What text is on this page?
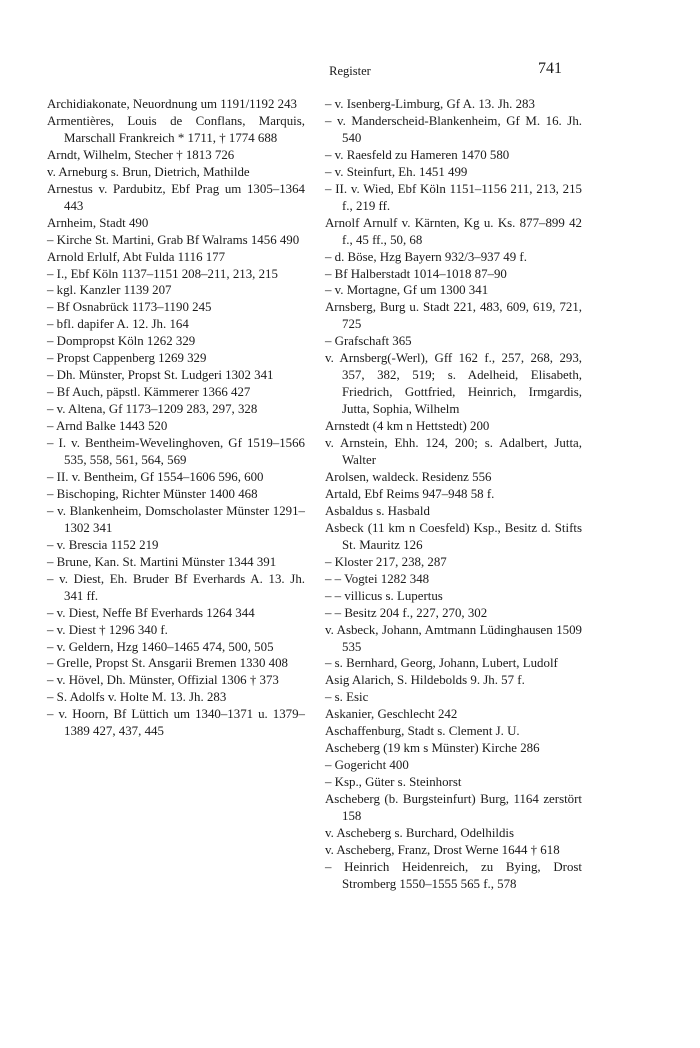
Register	741

Archidiakonate, Neuordnung um 1191/1192 243

Armentières, Louis de Conflans, Marquis, Marschall Frankreich * 1711, † 1774 688

Arndt, Wilhelm, Stecher † 1813 726

v. Arneburg s. Brun, Dietrich, Mathilde

Arnestus v. Pardubitz, Ebf Prag um 1305–1364 443

Arnheim, Stadt 490

– Kirche St. Martini, Grab Bf Walrams 1456 490

Arnold Erlulf, Abt Fulda 1116 177

– I., Ebf Köln 1137–1151 208–211, 213, 215

– kgl. Kanzler 1139 207

– Bf Osnabrück 1173–1190 245

– bfl. dapifer A. 12. Jh. 164

– Dompropst Köln 1262 329

– Propst Cappenberg 1269 329

– Dh. Münster, Propst St. Ludgeri 1302 341

– Bf Auch, päpstl. Kämmerer 1366 427

– v. Altena, Gf 1173–1209 283, 297, 328

– Arnd Balke 1443 520

– I. v. Bentheim-Wevelinghoven, Gf 1519–1566 535, 558, 561, 564, 569

– II. v. Bentheim, Gf 1554–1606 596, 600

– Bischoping, Richter Münster 1400 468

– v. Blankenheim, Domscholaster Münster 1291–1302 341

– v. Brescia 1152 219

– Brune, Kan. St. Martini Münster 1344 391

– v. Diest, Eh. Bruder Bf Everhards A. 13. Jh. 341 ff.

– v. Diest, Neffe Bf Everhards 1264 344

– v. Diest † 1296 340 f.

– v. Geldern, Hzg 1460–1465 474, 500, 505

– Grelle, Propst St. Ansgarii Bremen 1330 408

– v. Hövel, Dh. Münster, Offizial 1306 † 373

– S. Adolfs v. Holte M. 13. Jh. 283

– v. Hoorn, Bf Lüttich um 1340–1371 u. 1379–1389 427, 437, 445

– v. Isenberg-Limburg, Gf A. 13. Jh. 283

– v. Manderscheid-Blankenheim, Gf M. 16. Jh. 540

– v. Raesfeld zu Hameren 1470 580

– v. Steinfurt, Eh. 1451 499

– II. v. Wied, Ebf Köln 1151–1156 211, 213, 215 f., 219 ff.

Arnolf Arnulf v. Kärnten, Kg u. Ks. 877–899 42 f., 45 ff., 50, 68

– d. Böse, Hzg Bayern 932/3–937 49 f.

– Bf Halberstadt 1014–1018 87–90

– v. Mortagne, Gf um 1300 341

Arnsberg, Burg u. Stadt 221, 483, 609, 619, 721, 725

– Grafschaft 365

v. Arnsberg(-Werl), Gff 162 f., 257, 268, 293, 357, 382, 519; s. Adelheid, Elisabeth, Friedrich, Gottfried, Heinrich, Irmgardis, Jutta, Sophia, Wilhelm

Arnstedt (4 km n Hettstedt) 200

v. Arnstein, Ehh. 124, 200; s. Adalbert, Jutta, Walter

Arolsen, waldeck. Residenz 556

Artald, Ebf Reims 947–948 58 f.

Asbaldus s. Hasbald

Asbeck (11 km n Coesfeld) Ksp., Besitz d. Stifts St. Mauritz 126

– Kloster 217, 238, 287

– – Vogtei 1282 348

– – villicus s. Lupertus

– – Besitz 204 f., 227, 270, 302

v. Asbeck, Johann, Amtmann Lüdinghausen 1509 535

– s. Bernhard, Georg, Johann, Lubert, Ludolf

Asig Alarich, S. Hildebolds 9. Jh. 57 f.

– s. Esic

Askanier, Geschlecht 242

Aschaffenburg, Stadt s. Clement J. U.

Ascheberg (19 km s Münster) Kirche 286

– Gogericht 400

– Ksp., Güter s. Steinhorst

Ascheberg (b. Burgsteinfurt) Burg, 1164 zerstört 158

v. Ascheberg s. Burchard, Odelhildis

v. Ascheberg, Franz, Drost Werne 1644 † 618

– Heinrich Heidenreich, zu Bying, Drost Stromberg 1550–1555 565 f., 578
